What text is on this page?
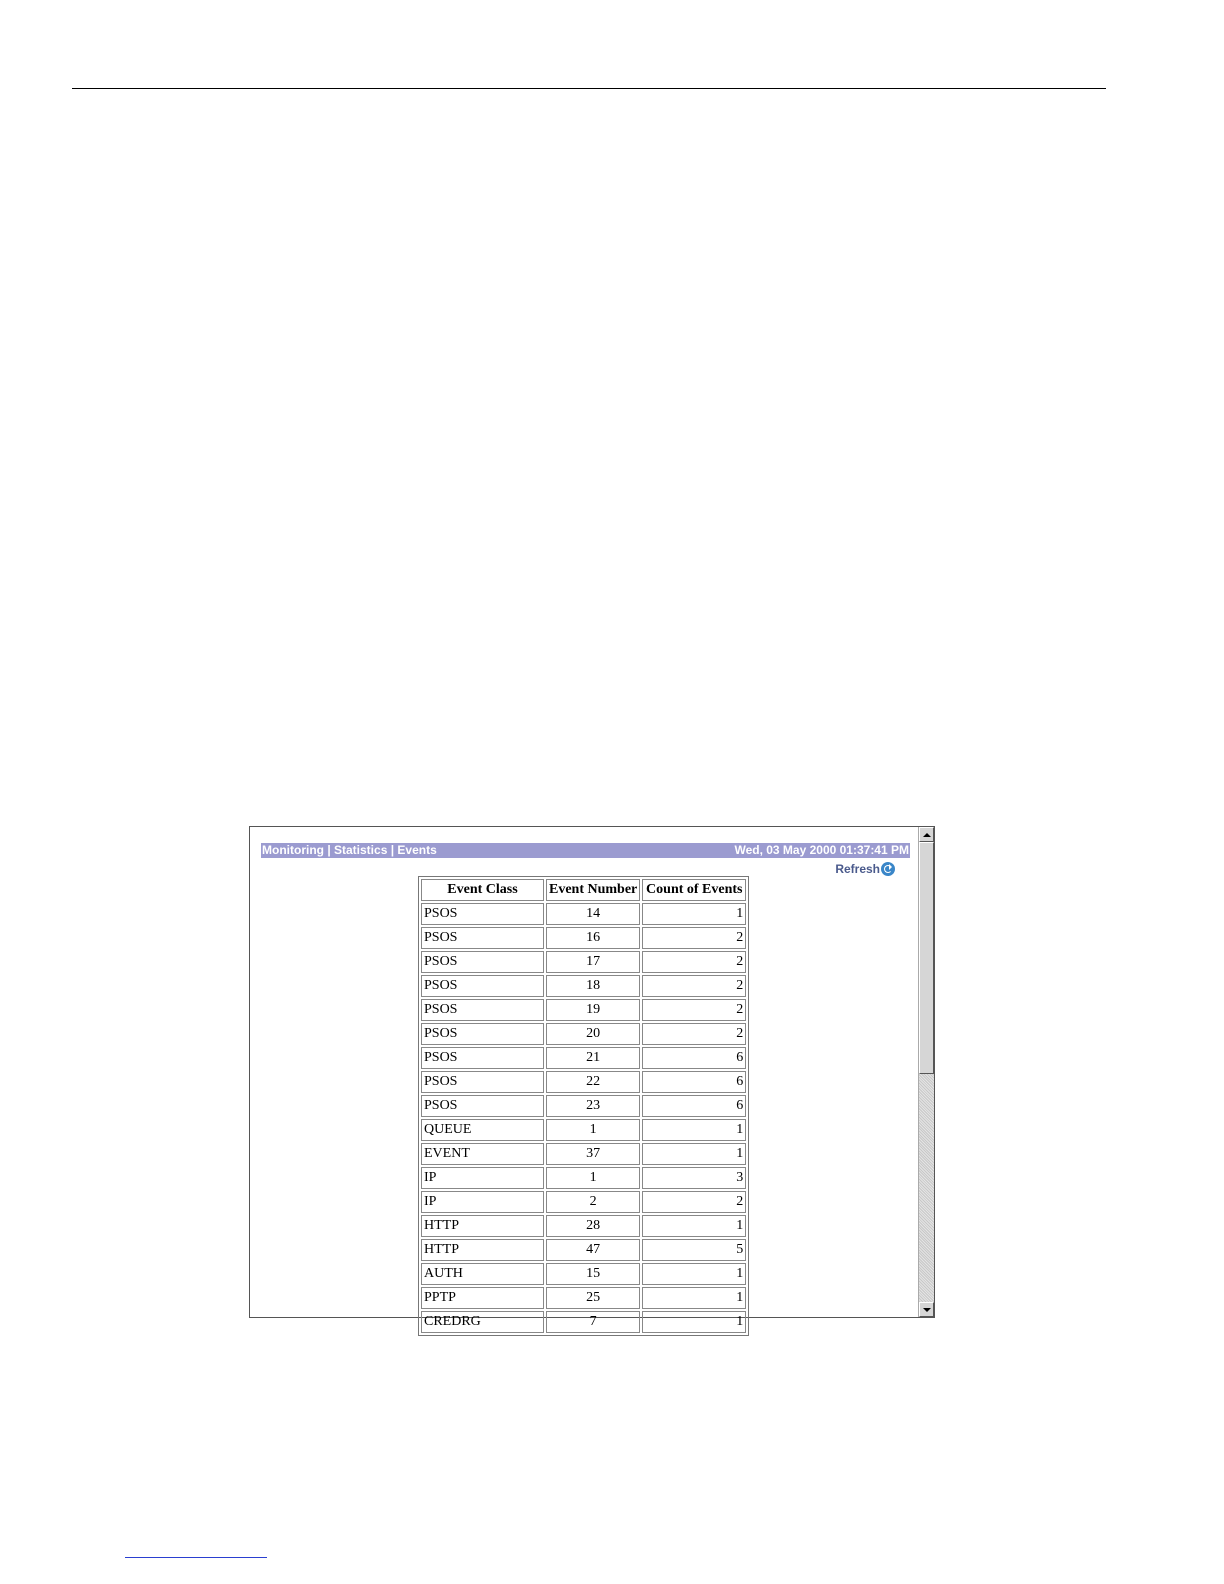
Monitoring | Statistics | Events	Wed, 03 May 2000 01:37:41 PM
Refresh
Event Class	Event Number	Count of Events
PSOS	14	1
PSOS	16	2
PSOS	17	2
PSOS	18	2
PSOS	19	2
PSOS	20	2
PSOS	21	6
PSOS	22	6
PSOS	23	6
QUEUE	1	1
EVENT	37	1
IP	1	3
IP	2	2
HTTP	28	1
HTTP	47	5
AUTH	15	1
PPTP	25	1
CREDRG	7	1
